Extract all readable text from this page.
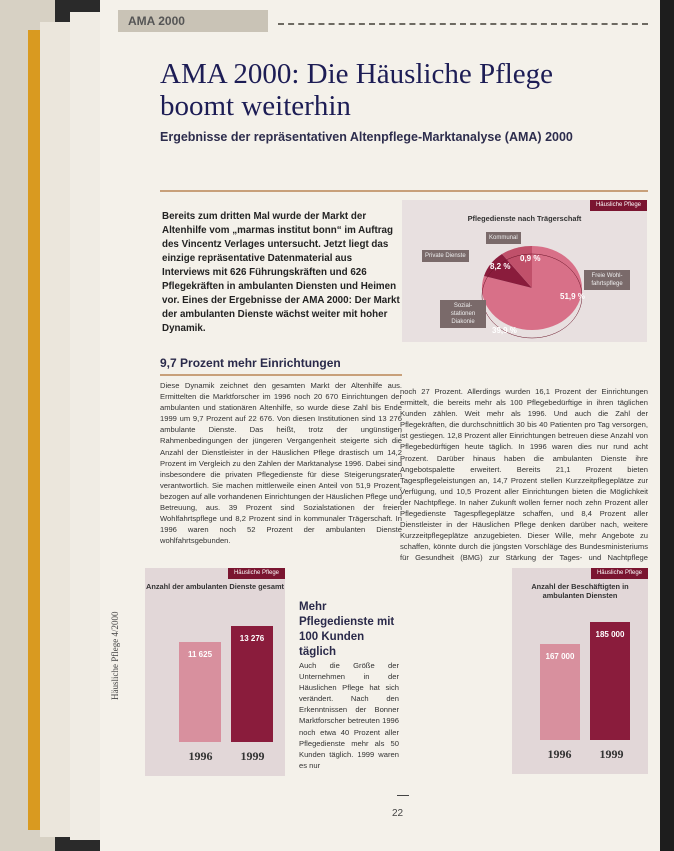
AMA 2000
AMA 2000: Die Häusliche Pflege boomt weiterhin

Ergebnisse der repräsentativen Altenpflege-Marktanalyse (AMA) 2000

Bereits zum dritten Mal wurde der Markt der Altenhilfe vom „marmas institut bonn“ im Auftrag des Vincentz Verlages untersucht. Jetzt liegt das einzige repräsentative Datenmaterial aus Interviews mit 626 Führungskräften und 626 Pflegekräften in ambulanten Diensten und Heimen vor. Eines der Ergebnisse der AMA 2000: Der Markt der ambulanten Dienste wächst weiter mit hoher Dynamik.

Häusliche Pflege
Pflegedienste nach Trägerschaft
Kommunal
Private Dienste
Freie Wohl-fahrtspflege
Sozial-stationen Diakonie
8,2 %
51,9 %
39,9 %
0,9 %
9,7 Prozent mehr Einrichtungen

Diese Dynamik zeichnet den gesamten Markt der Altenhilfe aus. Ermittelten die Marktforscher im 1996 noch 20 670 Einrichtungen der ambulanten und stationären Altenhilfe, so wurde diese Zahl bis Ende 1999 um 9,7 Prozent auf 22 676. Von diesen Institutionen sind 13 276 ambulante Dienste. Das heißt, trotz der ungünstigen Rahmenbedingungen der jüngeren Vergangenheit steigerte sich die Anzahl der Dienstleister in der Häuslichen Pflege drastisch um 14,2 Prozent im Vergleich zu den Zahlen der Marktanalyse 1996. Dabei sind insbesondere die privaten Pflegedienste für diese Steigerungsraten verantwortlich. Sie machen mittlerweile einen Anteil von 51,9 Prozent, bezogen auf alle vorhandenen Einrichtungen der Häuslichen Pflege und Betreuung, aus. 39 Prozent sind Sozialstationen der freien Wohlfahrtspflege und 8,2 Prozent sind in kommunaler Trägerschaft. In 1996 waren noch 52 Prozent der ambulanten Dienste wohlfahrtsgebunden.

Häusliche Pflege
Anzahl der ambulanten Dienste gesamt
11 625
13 276
1996	1999
Mehr Pflegedienste mit 100 Kunden täglich

Auch die Größe der Unternehmen in der Häuslichen Pflege hat sich verändert. Nach den Erkenntnissen der Bonner Marktforscher betreuten 1996 noch etwa 40 Prozent aller Pflegedienste mehr als 50 Kunden täglich. 1999 waren es nur

noch 27 Prozent. Allerdings wurden 16,1 Prozent der Einrichtungen ermittelt, die bereits mehr als 100 Pflegebedürftige in ihren täglichen Kunden zählen. Weit mehr als 1996. Und auch die Zahl der Pflegekräften, die durchschnittlich 30 bis 40 Patienten pro Tag versorgen, ist gestiegen. 12,8 Prozent aller Einrichtungen betreuen diese Anzahl von Pflegebedürftigen heute täglich. In 1996 waren dies nur rund acht Prozent. Darüber hinaus haben die ambulanten Dienste ihre Angebotspalette erweitert. Bereits 21,1 Prozent bieten Tagespflegeleistungen an, 14,7 Prozent stellen Kurzzeitpflegeplätze zur Verfügung, und 10,5 Prozent aller Einrichtungen bieten die Möglichkeit der Nachtpflege. In naher Zukunft wollen ferner noch zehn Prozent aller Pflegedienste Tagespflegeplätze schaffen, und 8,4 Prozent aller Dienstleister in der Häuslichen Pflege denken darüber nach, weitere Kurzzeitpflegeplätze anzugebieten. Dieser Wille, mehr Angebote zu schaffen, könnte durch die jüngsten Vorschläge des Bundesministeriums für Gesundheit (BMG) zur Stärkung der Tages- und Nachtpflege

Häusliche Pflege
Anzahl der Beschäftigten in ambulanten Diensten
167 000
185 000
1996	1999

Häusliche Pflege 4/2000
22
